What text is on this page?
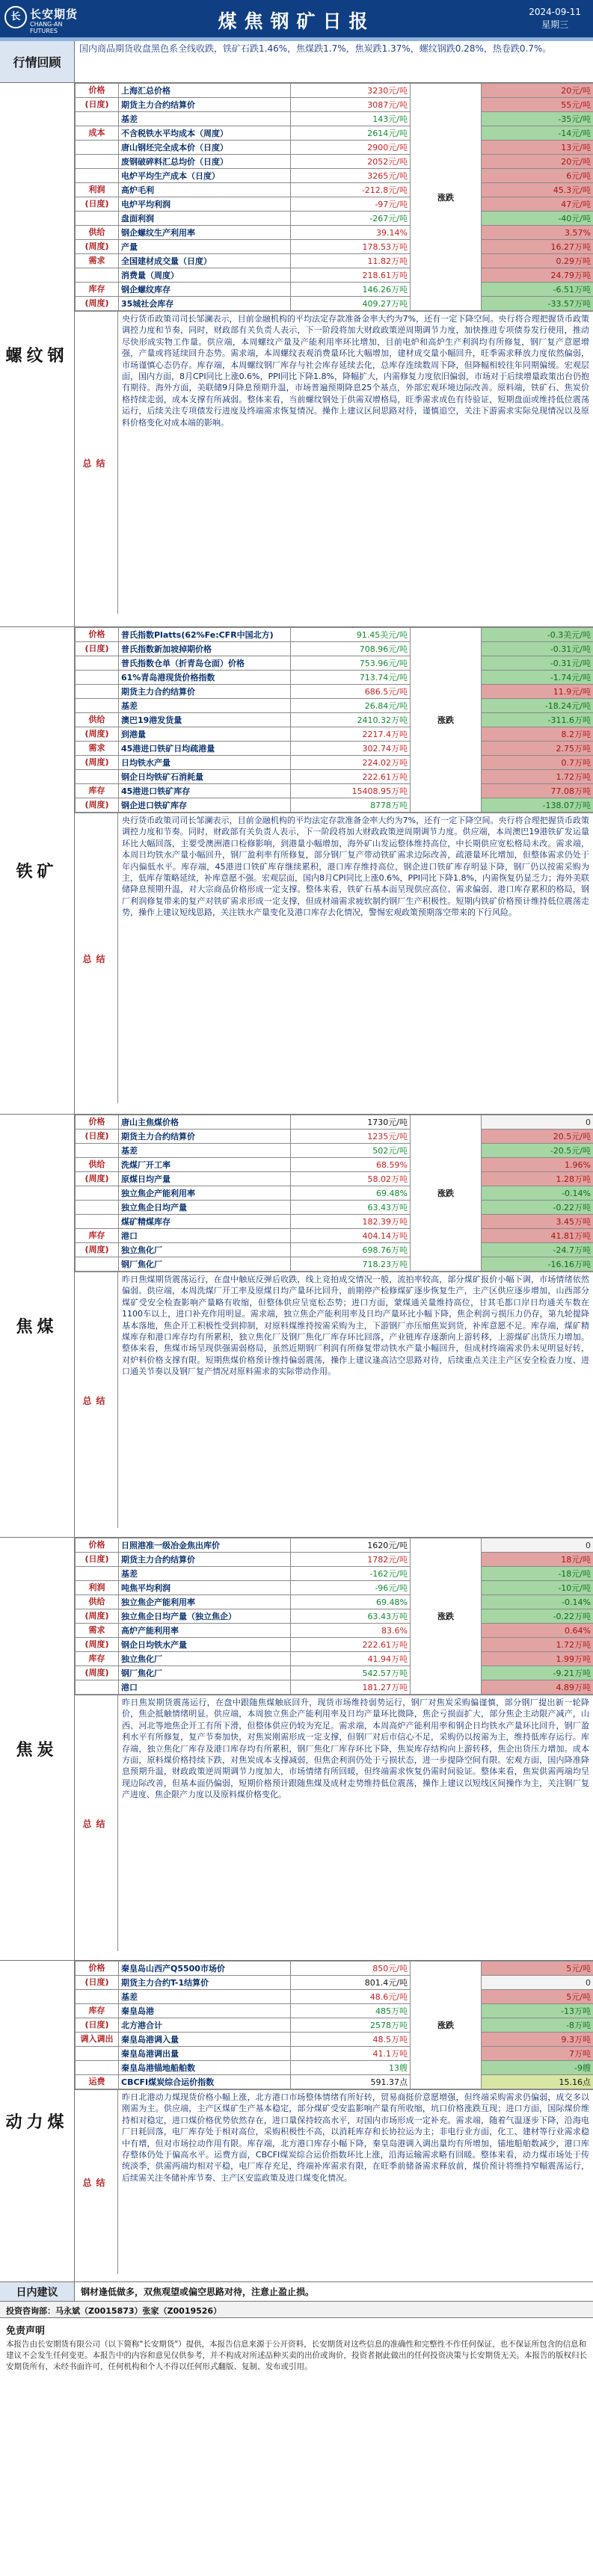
长 长安期货
CHANG-AN FUTURES	煤焦钢矿日报	2024-09-11
星期三
行情回顾
国内商品期货收盘黑色系全线收跌，铁矿石跌1.46%，焦煤跌1.7%，焦炭跌1.37%，螺纹钢跌0.28%，热卷跌0.7%。
螺纹钢
价格	上海汇总价格	3230元/吨	涨跌	20元/吨
(日度)	期货主力合约结算价	3087元/吨		55元/吨
	基差	143元/吨		-35元/吨
成本	不含税铁水平均成本（周度）	2614元/吨		-14元/吨
	唐山钢坯完全成本价（日度）	2900元/吨		13元/吨
	废钢破碎料汇总均价（日度）	2052元/吨		20元/吨
	电炉平均生产成本（日度）	3265元/吨		6元/吨
利润	高炉毛利	-212.8元/吨		45.3元/吨
(日度)	电炉平均利润	-97元/吨		47元/吨
	盘面利润	-267元/吨		-40元/吨
供给	钢企螺纹生产利用率	39.14%		3.57%
(周度)	产量	178.53万吨		16.27万吨
需求	全国建材成交量（日度）	11.82万吨		0.29万吨
	消费量（周度）	218.61万吨		24.79万吨
库存	钢企螺纹库存	146.26万吨		-6.51万吨
(周度)	35城社会库存	409.27万吨		-33.57万吨
总结
央行货币政策司司长邹澜表示，目前金融机构的平均法定存款准备金率大约为7%，还有一定下降空间。央行将合理把握货币政策调控力度和节奏，同时，财政部有关负责人表示，下一阶段将加大财政政策逆周期调节力度，加快推进专项债券发行使用，推动尽快形成实物工作量。供应端，本周螺纹产量及产能利用率环比增加，目前电炉和高炉生产利润均有所修复，钢厂复产意愿增强，产量或将延续回升态势。需求端，本周螺纹表观消费量环比大幅增加，建材成交量小幅回升，旺季需求释放力度依然偏弱，市场谨慎心态仍存。库存端，本周螺纹钢厂库存与社会库存延续去化，总库存连续数周下降，但降幅相较往年同期偏缓。宏观层面，国内方面，8月CPI同比上涨0.6%，PPI同比下降1.8%，降幅扩大，内需修复力度依旧偏弱，市场对于后续增量政策出台仍抱有期待。海外方面，美联储9月降息预期升温，市场普遍预期降息25个基点，外部宏观环境边际改善。原料端，铁矿石、焦炭价格持续走弱，成本支撑有所减弱。整体来看，当前螺纹钢处于供需双增格局，旺季需求成色有待验证，短期盘面或维持低位震荡运行，后续关注专项债发行进度及终端需求恢复情况。操作上建议区间思路对待，谨慎追空，关注下游需求实际兑现情况以及原料价格变化对成本端的影响。
铁矿
价格	普氏指数Platts(62%Fe:CFR中国北方)	91.45美元/吨	涨跌	-0.3美元/吨
(日度)	普氏指数新加坡掉期价格	708.96元/吨		-0.31元/吨
	普氏指数仓单（折青岛仓面）价格	753.96元/吨		-0.31元/吨
	61%青岛港现货价格指数	713.74元/吨		-1.74元/吨
	期货主力合约结算价	686.5元/吨		11.9元/吨
	基差	26.84元/吨		-18.24元/吨
供给	澳巴19港发货量	2410.32万吨		-311.6万吨
(周度)	到港量	2217.4万吨		8.2万吨
需求	45港进口铁矿日均疏港量	302.74万吨		2.75万吨
(周度)	日均铁水产量	224.02万吨		0.7万吨
	钢企日均铁矿石消耗量	222.61万吨		1.72万吨
库存	45港进口铁矿库存	15408.95万吨		77.08万吨
(周度)	钢企进口铁矿库存	8778万吨		-138.07万吨
总结
央行货币政策司司长邹澜表示，目前金融机构的平均法定存款准备金率大约为7%，还有一定下降空间。央行将合理把握货币政策调控力度和节奏。同时，财政部有关负责人表示，下一阶段将加大财政政策逆周期调节力度。供应端，本周澳巴19港铁矿发运量环比大幅回落，主要受澳洲港口检修影响，到港量小幅增加，海外矿山发运整体维持高位，中长期供应宽松格局未改。需求端，本周日均铁水产量小幅回升，钢厂盈利率有所修复，部分钢厂复产带动铁矿需求边际改善，疏港量环比增加，但整体需求仍处于年内偏低水平。库存端，45港进口铁矿库存继续累积，港口库存维持高位，钢企进口铁矿库存明显下降，钢厂仍以按需采购为主，低库存策略延续，补库意愿不强。宏观层面，国内8月CPI同比上涨0.6%，PPI同比下降1.8%，内需恢复仍显乏力；海外美联储降息预期升温，对大宗商品价格形成一定支撑。整体来看，铁矿石基本面呈现供应高位、需求偏弱、港口库存累积的格局，钢厂利润修复带来的复产对铁矿需求形成一定支撑，但成材端需求疲软制约钢厂生产积极性。短期内铁矿价格预计维持低位震荡走势，操作上建议短线思路，关注铁水产量变化及港口库存去化情况，警惕宏观政策预期落空带来的下行风险。
焦煤
价格	唐山主焦煤价格	1730元/吨	涨跌	0
(日度)	期货主力合约结算价	1235元/吨		20.5元/吨
	基差	502元/吨		-20.5元/吨
供给	洗煤厂开工率	68.59%		1.96%
(周度)	原煤日均产量	58.02万吨		1.28万吨
	独立焦企产能利用率	69.48%		-0.14%
	独立焦企日均产量	63.43万吨		-0.22万吨
	煤矿精煤库存	182.39万吨		3.45万吨
库存	港口	404.14万吨		41.81万吨
(周度)	独立焦化厂	698.76万吨		-24.7万吨
	钢厂焦化厂	718.23万吨		-16.16万吨
总结
昨日焦煤期货震荡运行，在盘中触底反弹后收跌，线上竞拍成交情况一般，流拍率较高，部分煤矿报价小幅下调，市场情绪依然偏弱。供应端，本周洗煤厂开工率及原煤日均产量环比回升，前期停产检修煤矿逐步恢复生产，主产区供应逐步增加，山西部分煤矿受安全检查影响产量略有收缩，但整体供应呈宽松态势；进口方面，蒙煤通关量维持高位，甘其毛都口岸日均通关车数在1100车以上，进口补充作用明显。需求端，独立焦企产能利用率及日均产量环比小幅下降，焦企利润亏损压力仍存，第九轮提降基本落地，焦企开工积极性受到抑制，对原料煤维持按需采购为主，下游钢厂亦压缩焦炭到货，补库意愿不足。库存端，煤矿精煤库存和港口库存均有所累积，独立焦化厂及钢厂焦化厂库存环比回落，产业链库存逐渐向上游转移，上游煤矿出货压力增加。整体来看，焦煤市场呈现供强需弱格局，虽然近期钢厂利润有所修复带动铁水产量小幅回升，但成材终端需求仍未见明显好转，对炉料价格支撑有限。短期焦煤价格预计维持偏弱震荡，操作上建议逢高沽空思路对待，后续重点关注主产区安全检查力度、进口通关节奏以及钢厂复产情况对原料需求的实际带动作用。
焦炭
价格	日照港准一级冶金焦出库价	1620元/吨	涨跌	0
(日度)	期货主力合约结算价	1782元/吨		18元/吨
	基差	-162元/吨		-18元/吨
利润	吨焦平均利润	-96元/吨		-10元/吨
供给	独立焦企产能利用率	69.48%		-0.14%
(周度)	独立焦企日均产量（独立焦企）	63.43万吨		-0.22万吨
需求	高炉产能利用率	83.6%		0.64%
(周度)	钢企日均铁水产量	222.61万吨		1.72万吨
库存	独立焦化厂	41.94万吨		1.99万吨
(周度)	钢厂焦化厂	542.57万吨		-9.21万吨
	港口	181.27万吨		4.89万吨
总结
昨日焦炭期货震荡运行，在盘中跟随焦煤触底回升，现货市场维持弱势运行，钢厂对焦炭采购偏谨慎，部分钢厂提出新一轮降价，焦企抵触情绪明显。供应端，本周独立焦企产能利用率及日均产量环比微降，焦企亏损面扩大，部分焦企主动限产减产，山西、河北等地焦企开工有所下滑，但整体供应仍较为充足。需求端，本周高炉产能利用率和钢企日均铁水产量环比回升，钢厂盈利水平有所修复，复产节奏加快，对焦炭刚需形成一定支撑，但钢厂对后市信心不足，采购仍以按需为主，维持低库存运行。库存端，独立焦化厂库存及港口库存均有所累积，钢厂焦化厂库存环比下降，焦炭库存结构向上游转移，焦企出货压力增加。成本方面，原料煤价格持续下跌，对焦炭成本支撑减弱，但焦企利润仍处于亏损状态，进一步提降空间有限。宏观方面，国内降准降息预期升温，财政政策逆周期调节力度加大，市场情绪有所回暖，但终端需求恢复仍需时间验证。整体来看，焦炭供需两端均呈现边际改善，但基本面仍偏弱，短期价格预计跟随焦煤及成材走势维持低位震荡，操作上建议以短线区间操作为主，关注钢厂复产进度、焦企限产力度以及原料煤价格变化。
动力煤
价格	秦皇岛山西产Q5500市场价	850元/吨	涨跌	5元/吨
(日度)	期货主力合约T-1结算价	801.4元/吨		0
	基差	48.6元/吨		5元/吨
库存	秦皇岛港	485万吨		-13万吨
(日度)	北方港合计	2578万吨		-8万吨
调入调出	秦皇岛港调入量	48.5万吨		9.3万吨
	秦皇岛港调出量	41.1万吨		7万吨
	秦皇岛港锚地船舶数	13艘		-9艘
运费	CBCFI煤炭综合运价指数	591.37点		15.16点
总结
昨日北港动力煤现货价格小幅上涨，北方港口市场整体情绪有所好转，贸易商挺价意愿增强，但终端采购需求仍偏弱，成交多以刚需为主。供应端，主产区煤矿生产基本稳定，部分煤矿受安监影响产量有所收缩，坑口价格涨跌互现；进口方面，国际煤价维持相对稳定，进口煤价格优势依然存在，进口量保持较高水平，对国内市场形成一定补充。需求端，随着气温逐步下降，沿海电厂日耗回落，电厂库存处于相对高位，采购积极性不高，以消耗库存和长协拉运为主；非电行业方面，化工、建材等行业需求稳中有增，但对市场拉动作用有限。库存端，北方港口库存小幅下降，秦皇岛港调入调出量均有所增加，锚地船舶数减少，港口库存整体仍处于偏高水平。运费方面，CBCFI煤炭综合运价指数环比上涨，沿海运输需求略有回暖。整体来看，动力煤市场处于传统淡季，供需两端均相对平稳，电厂库存充足，终端补库需求有限，在旺季前储备需求释放前，煤价预计将维持窄幅震荡运行，后续需关注冬储补库节奏、主产区安监政策及进口煤变化情况。
日内建议	钢材逢低做多，双焦观望或偏空思路对待，注意止盈止损。
投资咨询部：马永斌（Z0015873）张家（Z0019526）
免责声明
本报告由长安期货有限公司（以下简称"长安期货"）提供，本报告信息来源于公开资料，长安期货对这些信息的准确性和完整性不作任何保证，也不保证所包含的信息和建议不会发生任何变更。本报告中的内容和意见仅供参考，并不构成对所述品种买卖的出价或询价，投资者据此做出的任何投资决策与长安期货无关。本报告的版权归长安期货所有，未经书面许可，任何机构和个人不得以任何形式翻版、复制、发布或引用。
